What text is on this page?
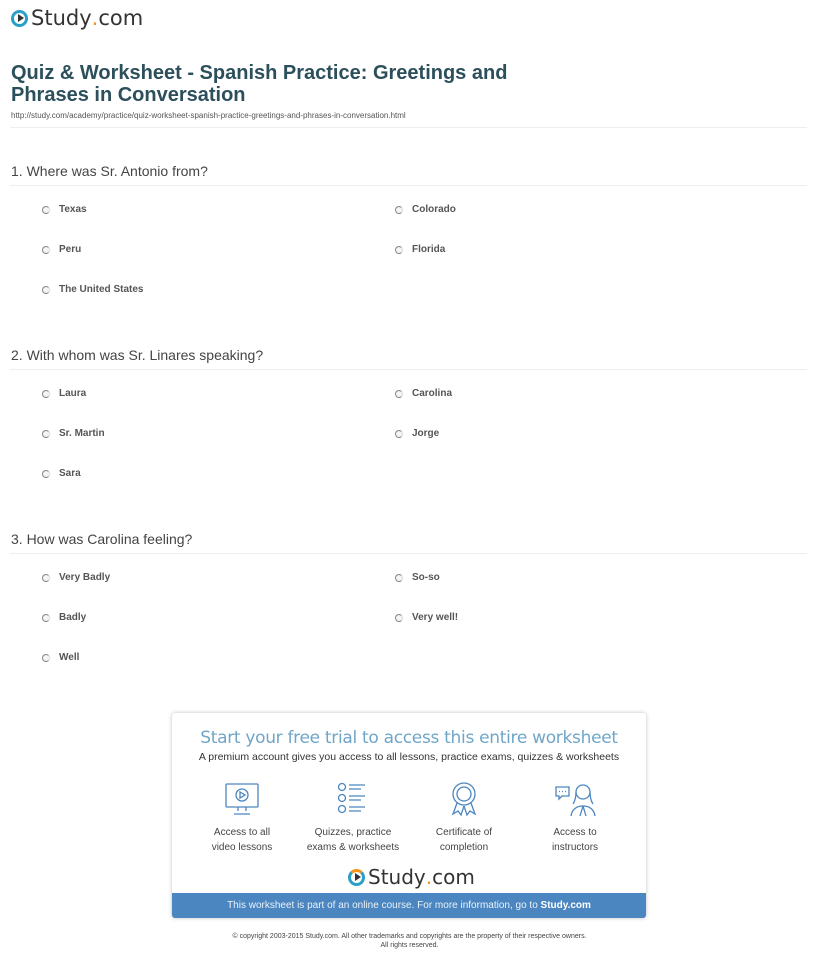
Study . com
Quiz & Worksheet - Spanish Practice: Greetings and Phrases in Conversation
http://study.com/academy/practice/quiz-worksheet-spanish-practice-greetings-and-phrases-in-conversation.html
1. Where was Sr. Antonio from?
Texas	Colorado
Peru	Florida
The United States
2. With whom was Sr. Linares speaking?
Laura	Carolina
Sr. Martin	Jorge
Sara
3. How was Carolina feeling?
Very Badly	So-so
Badly	Very well!
Well
Start your free trial to access this entire worksheet
A premium account gives you access to all lessons, practice exams, quizzes & worksheets
Access to all
video lessons
Quizzes, practice
exams & worksheets
Certificate of
completion
Access to
instructors
Study . com
This worksheet is part of an online course. For more information, go to Study.com
© copyright 2003-2015 Study.com. All other trademarks and copyrights are the property of their respective owners.
All rights reserved.
